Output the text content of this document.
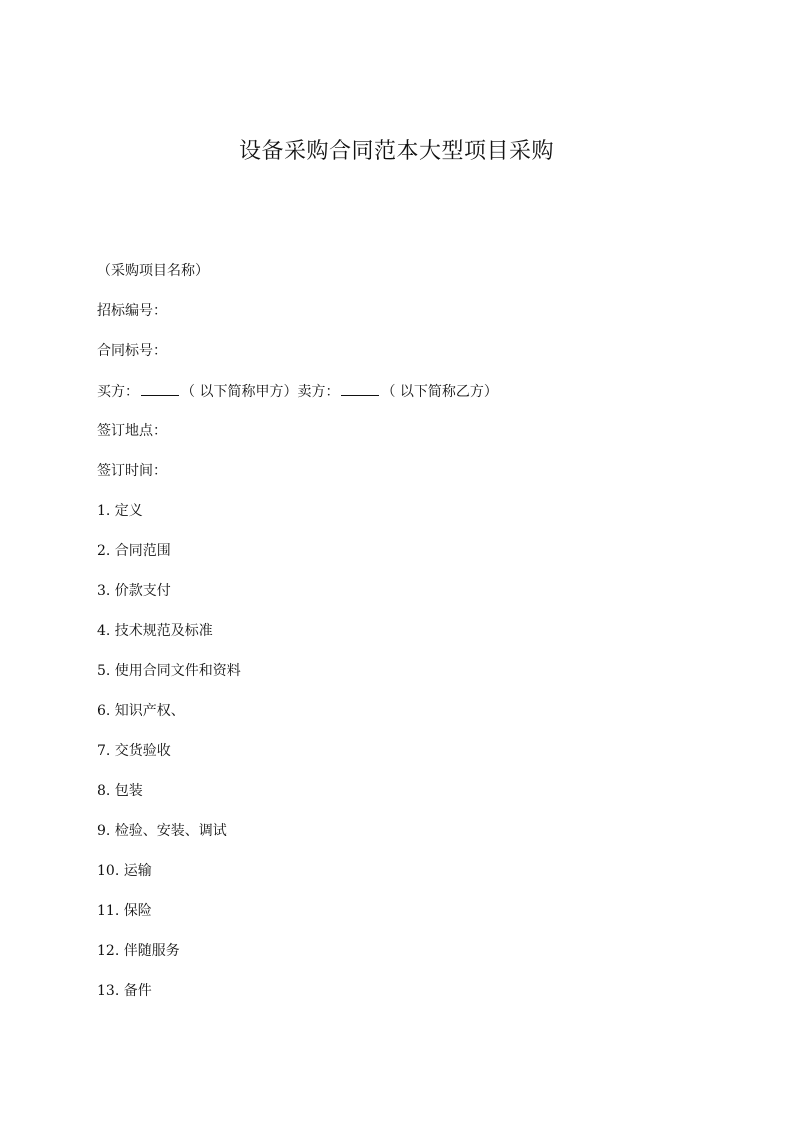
设备采购合同范本大型项目采购
（采购项目名称）
招标编号：
合同标号：
买方：	（ 以下简称甲方）卖方：	（ 以下简称乙方）
签订地点：
签订时间：
1. 定义
2. 合同范围
3. 价款支付
4. 技术规范及标准
5. 使用合同文件和资料
6. 知识产权、
7. 交货验收
8. 包装
9. 检验、安装、调试
10. 运输
11. 保险
12. 伴随服务
13. 备件
